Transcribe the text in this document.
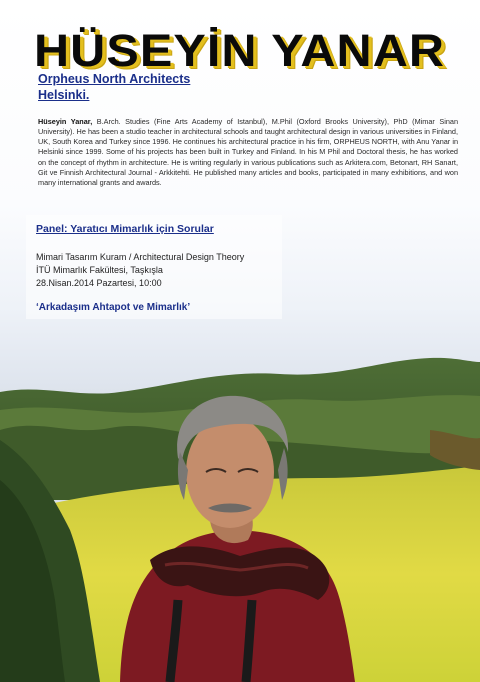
HÜSEYİN YANAR
Orpheus North Architects
Helsinki.

Hüseyin Yanar, B.Arch. Studies (Fine Arts Academy of Istanbul), M.Phil (Oxford Brooks University), PhD (Mimar Sinan University). He has been a studio teacher in architectural schools and taught architectural design in various universities in Finland, UK, South Korea and Turkey since 1996. He continues his architectural practice in his firm, ORPHEUS NORTH, with Anu Yanar in Helsinki since 1999. Some of his projects has been built in Turkey and Finland. In his M Phil and Doctoral thesis, he has worked on the concept of rhythm in architecture. He is writing regularly in various publications such as Arkitera.com, Betonart, RH Sanart, Git ve Finnish Architectural Journal - Arkkitehti. He published many articles and books, participated in many exhibitions, and won many international grants and awards.

Panel: Yaratıcı Mimarlık için Sorular
Mimari Tasarım Kuram / Architectural Design Theory
İTÜ Mimarlık Fakültesi, Taşkışla
28.Nisan.2014 Pazartesi, 10:00
‘Arkadaşım Ahtapot ve Mimarlık’
